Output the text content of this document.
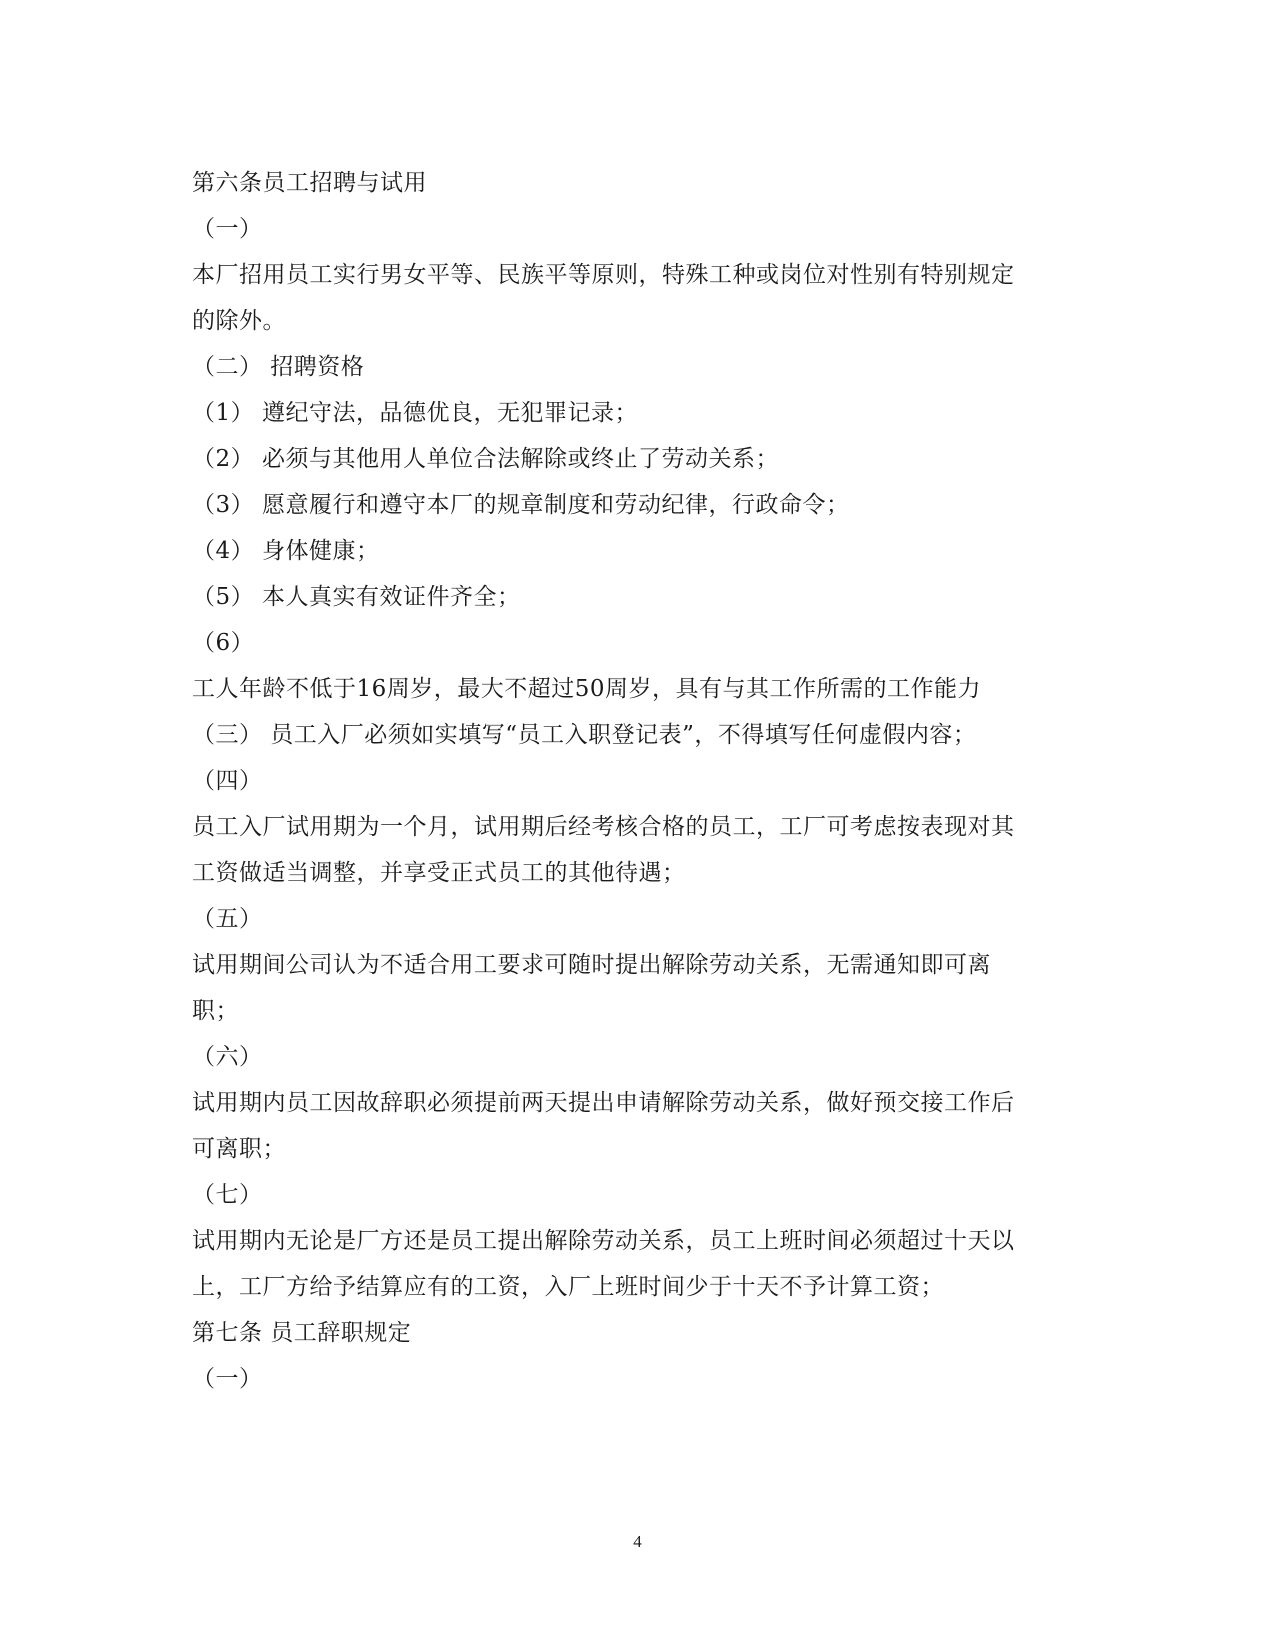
第六条员工招聘与试用
（一）
本厂招用员工实行男女平等、民族平等原则，特殊工种或岗位对性别有特别规定
的除外。
（二） 招聘资格
（1） 遵纪守法，品德优良，无犯罪记录；
（2） 必须与其他用人单位合法解除或终止了劳动关系；
（3） 愿意履行和遵守本厂的规章制度和劳动纪律，行政命令；
（4） 身体健康；
（5） 本人真实有效证件齐全；
（6）
工人年龄不低于16周岁，最大不超过50周岁，具有与其工作所需的工作能力
（三） 员工入厂必须如实填写“员工入职登记表”，不得填写任何虚假内容；
（四）
员工入厂试用期为一个月，试用期后经考核合格的员工，工厂可考虑按表现对其
工资做适当调整，并享受正式员工的其他待遇；
（五）
试用期间公司认为不适合用工要求可随时提出解除劳动关系，无需通知即可离
职；
（六）
试用期内员工因故辞职必须提前两天提出申请解除劳动关系，做好预交接工作后
可离职；
（七）
试用期内无论是厂方还是员工提出解除劳动关系，员工上班时间必须超过十天以
上，工厂方给予结算应有的工资，入厂上班时间少于十天不予计算工资；
第七条 员工辞职规定
（一）
4
